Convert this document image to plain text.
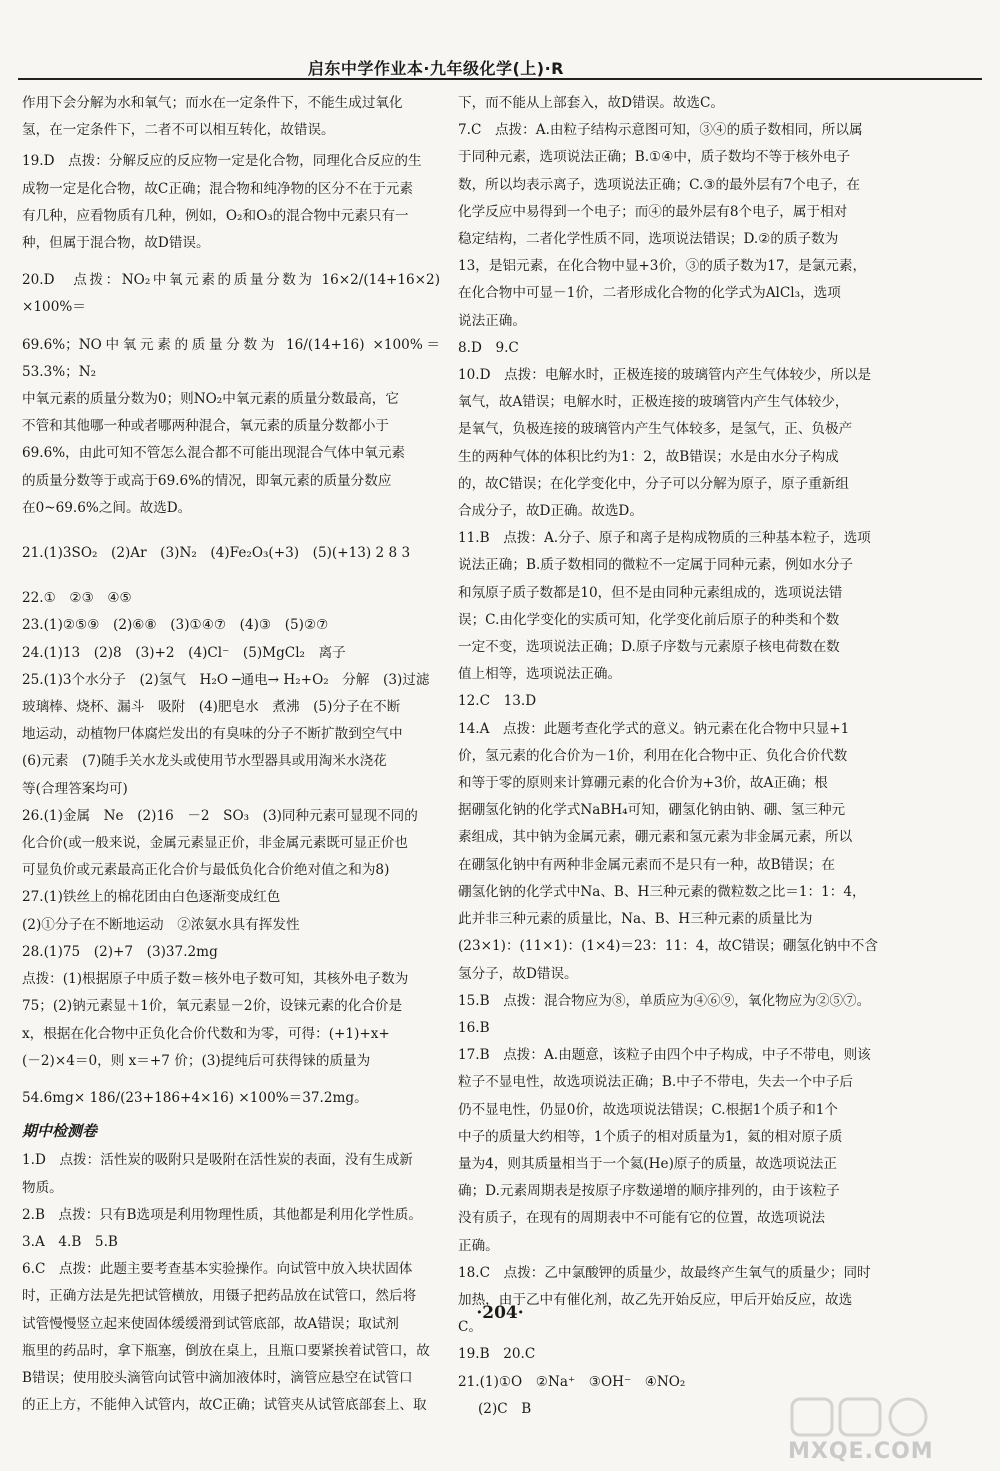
启东中学作业本·九年级化学(上)·R

作用下会分解为水和氧气；而水在一定条件下，不能生成过氧化

氢，在一定条件下，二者不可以相互转化，故错误。

19.D　点拨：分解反应的反应物一定是化合物，同理化合反应的生

成物一定是化合物，故C正确；混合物和纯净物的区分不在于元素

有几种，应看物质有几种，例如，O₂和O₃的混合物中元素只有一

种，但属于混合物，故D错误。

20.D　点拨：NO₂中氧元素的质量分数为 16×2/(14+16×2) ×100%＝

69.6%；NO中氧元素的质量分数为 16/(14+16) ×100%＝53.3%；N₂

中氧元素的质量分数为0；则NO₂中氧元素的质量分数最高，它

不管和其他哪一种或者哪两种混合，氧元素的质量分数都小于

69.6%，由此可知不管怎么混合都不可能出现混合气体中氧元素

的质量分数等于或高于69.6%的情况，即氧元素的质量分数应

在0~69.6%之间。故选D。

21.(1)3SO₂　(2)Ar　(3)N₂　(4)Fe₂O₃(+3)　(5)(+13) 2 8 3

22.①　②③　④⑤

23.(1)②⑤⑨　(2)⑥⑧　(3)①④⑦　(4)③　(5)②⑦

24.(1)13　(2)8　(3)+2　(4)Cl⁻　(5)MgCl₂　离子

25.(1)3个水分子　(2)氢气　H₂O ─通电→ H₂+O₂　分解　(3)过滤

玻璃棒、烧杯、漏斗　吸附　(4)肥皂水　煮沸　(5)分子在不断

地运动，动植物尸体腐烂发出的有臭味的分子不断扩散到空气中

(6)元素　(7)随手关水龙头或使用节水型器具或用淘米水浇花

等(合理答案均可)

26.(1)金属　Ne　(2)16　－2　SO₃　(3)同种元素可显现不同的

化合价(或一般来说，金属元素显正价，非金属元素既可显正价也

可显负价或元素最高正化合价与最低负化合价绝对值之和为8)

27.(1)铁丝上的棉花团由白色逐渐变成红色

(2)①分子在不断地运动　②浓氨水具有挥发性

28.(1)75　(2)+7　(3)37.2mg

点拨：(1)根据原子中质子数＝核外电子数可知，其核外电子数为

75；(2)钠元素显＋1价，氧元素显－2价，设铼元素的化合价是

x，根据在化合物中正负化合价代数和为零，可得：(+1)+x+

(－2)×4＝0，则 x＝+7 价；(3)提纯后可获得铼的质量为

54.6mg× 186/(23+186+4×16) ×100%＝37.2mg。

期中检测卷

1.D　点拨：活性炭的吸附只是吸附在活性炭的表面，没有生成新

物质。

2.B　点拨：只有B选项是利用物理性质，其他都是利用化学性质。

3.A　4.B　5.B

6.C　点拨：此题主要考查基本实验操作。向试管中放入块状固体

时，正确方法是先把试管横放，用镊子把药品放在试管口，然后将

试管慢慢竖立起来使固体缓缓滑到试管底部，故A错误；取试剂

瓶里的药品时，拿下瓶塞，倒放在桌上，且瓶口要紧挨着试管口，故

B错误；使用胶头滴管向试管中滴加液体时，滴管应悬空在试管口

的正上方，不能伸入试管内，故C正确；试管夹从试管底部套上、取

下，而不能从上部套入，故D错误。故选C。

7.C　点拨：A.由粒子结构示意图可知，③④的质子数相同，所以属

于同种元素，选项说法正确；B.①④中，质子数均不等于核外电子

数，所以均表示离子，选项说法正确；C.③的最外层有7个电子，在

化学反应中易得到一个电子；而④的最外层有8个电子，属于相对

稳定结构，二者化学性质不同，选项说法错误；D.②的质子数为

13，是铝元素，在化合物中显+3价，③的质子数为17，是氯元素，

在化合物中可显－1价，二者形成化合物的化学式为AlCl₃，选项

说法正确。

8.D　9.C

10.D　点拨：电解水时，正极连接的玻璃管内产生气体较少，所以是

氧气，故A错误；电解水时，正极连接的玻璃管内产生气体较少，

是氧气，负极连接的玻璃管内产生气体较多，是氢气，正、负极产

生的两种气体的体积比约为1：2，故B错误；水是由水分子构成

的，故C错误；在化学变化中，分子可以分解为原子，原子重新组

合成分子，故D正确。故选D。

11.B　点拨：A.分子、原子和离子是构成物质的三种基本粒子，选项

说法正确；B.质子数相同的微粒不一定属于同种元素，例如水分子

和氖原子质子数都是10，但不是由同种元素组成的，选项说法错

误；C.由化学变化的实质可知，化学变化前后原子的种类和个数

一定不变，选项说法正确；D.原子序数与元素原子核电荷数在数

值上相等，选项说法正确。

12.C　13.D

14.A　点拨：此题考查化学式的意义。钠元素在化合物中只显+1

价，氢元素的化合价为－1价，利用在化合物中正、负化合价代数

和等于零的原则来计算硼元素的化合价为+3价，故A正确；根

据硼氢化钠的化学式NaBH₄可知，硼氢化钠由钠、硼、氢三种元

素组成，其中钠为金属元素，硼元素和氢元素为非金属元素，所以

在硼氢化钠中有两种非金属元素而不是只有一种，故B错误；在

硼氢化钠的化学式中Na、B、H三种元素的微粒数之比＝1：1：4，

此并非三种元素的质量比，Na、B、H三种元素的质量比为

(23×1)：(11×1)：(1×4)＝23：11：4，故C错误；硼氢化钠中不含

氢分子，故D错误。

15.B　点拨：混合物应为⑧，单质应为④⑥⑨，氧化物应为②⑤⑦。

16.B

17.B　点拨：A.由题意，该粒子由四个中子构成，中子不带电，则该

粒子不显电性，故选项说法正确；B.中子不带电，失去一个中子后

仍不显电性，仍显0价，故选项说法错误；C.根据1个质子和1个

中子的质量大约相等，1个质子的相对质量为1，氦的相对原子质

量为4，则其质量相当于一个氦(He)原子的质量，故选项说法正

确；D.元素周期表是按原子序数递增的顺序排列的，由于该粒子

没有质子，在现有的周期表中不可能有它的位置，故选项说法

正确。

18.C　点拨：乙中氯酸钾的质量少，故最终产生氧气的质量少；同时

加热，由于乙中有催化剂，故乙先开始反应，甲后开始反应，故选

C。

19.B　20.C

21.(1)①O　②Na⁺　③OH⁻　④NO₂

(2)C　B

·204·
MXQE.COM
